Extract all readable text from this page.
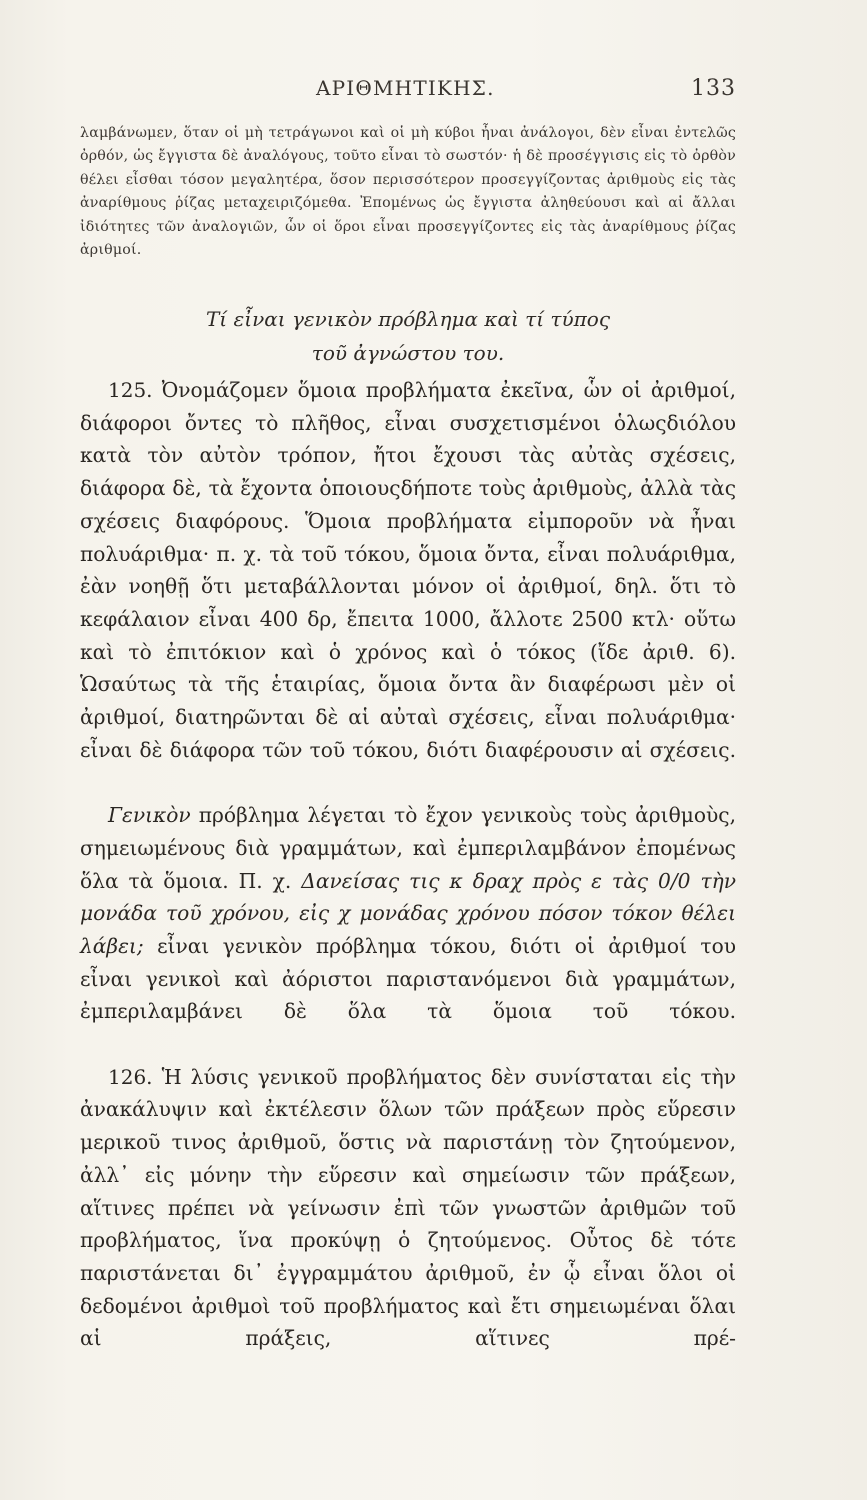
ΑΡΙΘΜΗΤΙΚΗΣ.	133

λαμβάνωμεν, ὅταν οἱ μὴ τετράγωνοι καὶ οἱ μὴ κύβοι ἦναι ἀνάλογοι, δὲν εἶναι ἐντελῶς ὀρθόν, ὡς ἔγγιστα δὲ ἀναλόγους, τοῦτο εἶναι τὸ σωστόν· ἡ δὲ προσέγγισις εἰς τὸ ὀρθὸν θέλει εἶσθαι τόσον μεγαλητέρα, ὅσον περισσότερον προσεγγίζοντας ἀριθμοὺς εἰς τὰς ἀναρίθμους ῥίζας μεταχειριζόμεθα. Ἐπομένως ὡς ἔγγιστα ἀληθεύουσι καὶ αἱ ἄλλαι ἰδιότητες τῶν ἀναλογιῶν, ὧν οἱ ὅροι εἶναι προσεγγίζοντες εἰς τὰς ἀναρίθμους ῥίζας ἀριθμοί.

Τί εἶναι γενικὸν πρόβλημα καὶ τί τύπος
τοῦ ἀγνώστου του.

125. Ὀνομάζομεν ὅμοια προβλήματα ἐκεῖνα, ὧν οἱ ἀριθμοί, διάφοροι ὄντες τὸ πλῆθος, εἶναι συσχετισμένοι ὁλωςδιόλου κατὰ τὸν αὐτὸν τρόπον, ἤτοι ἔχουσι τὰς αὐτὰς σχέσεις, διάφορα δὲ, τὰ ἔχοντα ὁποιουςδήποτε τοὺς ἀριθμοὺς, ἀλλὰ τὰς σχέσεις διαφόρους. Ὅμοια προβλήματα εἰμποροῦν νὰ ἦναι πολυάριθμα· π. χ. τὰ τοῦ τόκου, ὅμοια ὄντα, εἶναι πολυάριθμα, ἐὰν νοηθῇ ὅτι μεταβάλλονται μόνον οἱ ἀριθμοί, δηλ. ὅτι τὸ κεφάλαιον εἶναι 400 δρ, ἔπειτα 1000, ἄλλοτε 2500 κτλ· οὕτω καὶ τὸ ἐπιτόκιον καὶ ὁ χρόνος καὶ ὁ τόκος (ἴδε ἀριθ. 6). Ὡσαύτως τὰ τῆς ἑταιρίας, ὅμοια ὄντα ἂν διαφέρωσι μὲν οἱ ἀριθμοί, διατηρῶνται δὲ αἱ αὐταὶ σχέσεις, εἶναι πολυάριθμα· εἶναι δὲ διάφορα τῶν τοῦ τόκου, διότι διαφέρουσιν αἱ σχέσεις.

Γενικὸν πρόβλημα λέγεται τὸ ἔχον γενικοὺς τοὺς ἀριθμοὺς, σημειωμένους διὰ γραμμάτων, καὶ ἐμπεριλαμβάνον ἐπομένως ὅλα τὰ ὅμοια. Π. χ. Δανείσας τις κ δραχ πρὸς ε τὰς 0/0 τὴν μονάδα τοῦ χρόνου, εἰς χ μονάδας χρόνου πόσον τόκον θέλει λάβει; εἶναι γενικὸν πρόβλημα τόκου, διότι οἱ ἀριθμοί του εἶναι γενικοὶ καὶ ἀόριστοι παριστανόμενοι διὰ γραμμάτων, ἐμπεριλαμβάνει δὲ ὅλα τὰ ὅμοια τοῦ τόκου.

126. Ἡ λύσις γενικοῦ προβλήματος δὲν συνίσταται εἰς τὴν ἀνακάλυψιν καὶ ἐκτέλεσιν ὅλων τῶν πράξεων πρὸς εὕρεσιν μερικοῦ τινος ἀριθμοῦ, ὅστις νὰ παριστάνῃ τὸν ζητούμενον, ἀλλ᾽ εἰς μόνην τὴν εὕρεσιν καὶ σημείωσιν τῶν πράξεων, αἵτινες πρέπει νὰ γείνωσιν ἐπὶ τῶν γνωστῶν ἀριθμῶν τοῦ προβλήματος, ἵνα προκύψῃ ὁ ζητούμενος. Οὗτος δὲ τότε παριστάνεται δι᾽ ἐγγραμμάτου ἀριθμοῦ, ἐν ᾧ εἶναι ὅλοι οἱ δεδομένοι ἀριθμοὶ τοῦ προβλήματος καὶ ἔτι σημειωμέναι ὅλαι αἱ πράξεις, αἵτινες πρέ-
